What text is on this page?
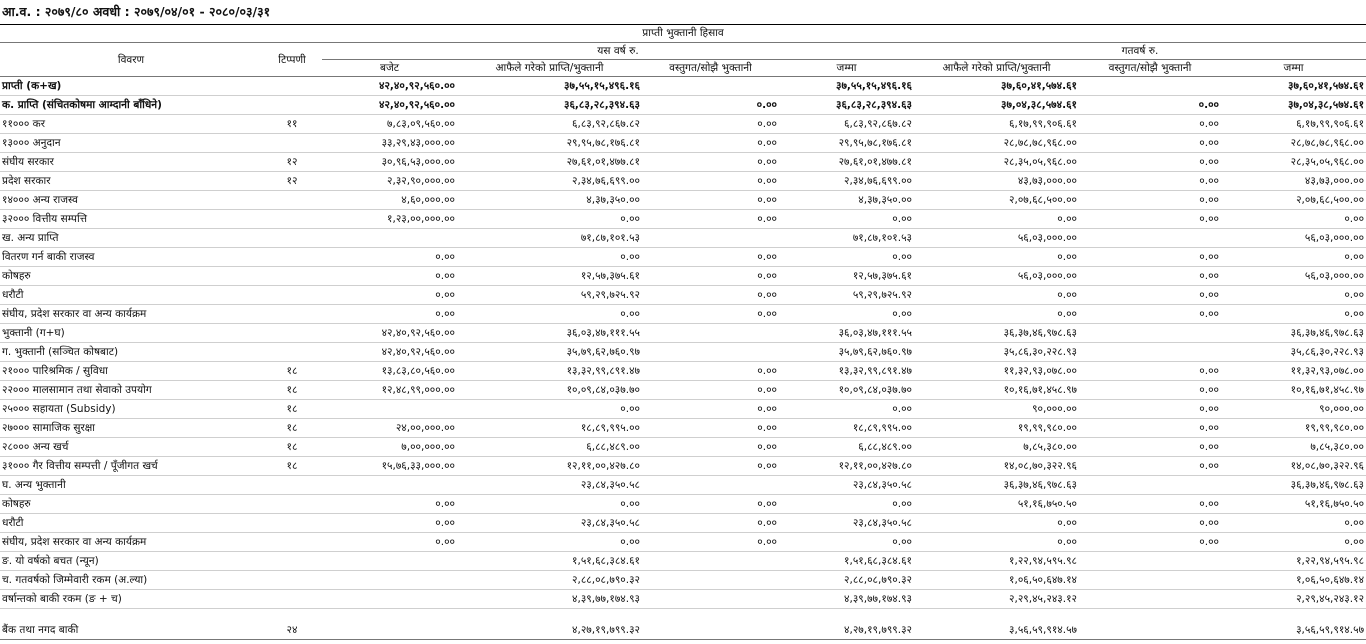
आ.व. : २०७९/८० अवधी : २०७९/०४/०१ - २०८०/०३/३१
प्राप्ती भुक्तानी हिसाव								
विवरण	टिप्पणी	यस वर्ष रु.				गतवर्ष रु.		
		बजेट	आफैले गरेको प्राप्ति/भुक्तानी	वस्तुगत/सोझै भुक्तानी	जम्मा	आफैले गरेको प्राप्ति/भुक्तानी	वस्तुगत/सोझै भुक्तानी	जम्मा
प्राप्ती (क+ख)		४२,४०,९२,५६०.००	३७,५५,१५,४९६.१६		३७,५५,१५,४९६.१६	३७,६०,४१,५७४.६१		३७,६०,४१,५७४.६१
क. प्राप्ति (संचितकोषमा आम्दानी बाँधिने)		४२,४०,९२,५६०.००	३६,८३,२८,३९४.६३	०.००	३६,८३,२८,३९४.६३	३७,०४,३८,५७४.६१	०.००	३७,०४,३८,५७४.६१
११००० कर	११	७,८३,०९,५६०.००	६,८३,९२,८६७.८२	०.००	६,८३,९२,८६७.८२	६,१७,९९,९०६.६१	०.००	६,१७,९९,९०६.६१
१३००० अनुदान		३३,२९,४३,०००.००	२९,९५,७८,१७६.८१	०.००	२९,९५,७८,१७६.८१	२८,७८,७८,९६८.००	०.००	२८,७८,७८,९६८.००
संघीय सरकार	१२	३०,९६,५३,०००.००	२७,६१,०१,४७७.८१	०.००	२७,६१,०१,४७७.८१	२८,३५,०५,९६८.००	०.००	२८,३५,०५,९६८.००
प्रदेश सरकार	१२	२,३२,९०,०००.००	२,३४,७६,६९९.००	०.००	२,३४,७६,६९९.००	४३,७३,०००.००	०.००	४३,७३,०००.००
१४००० अन्य राजस्व		४,६०,०००.००	४,३७,३५०.००	०.००	४,३७,३५०.००	२,०७,६८,५००.००	०.००	२,०७,६८,५००.००
३२००० वित्तीय सम्पत्ति		१,२३,००,०००.००	०.००	०.००	०.००	०.००	०.००	०.००
ख. अन्य प्राप्ति			७१,८७,१०१.५३		७१,८७,१०१.५३	५६,०३,०००.००		५६,०३,०००.००
वितरण गर्न बाकी राजस्व		०.००	०.००	०.००	०.००	०.००	०.००	०.००
कोषहरु		०.००	१२,५७,३७५.६१	०.००	१२,५७,३७५.६१	५६,०३,०००.००	०.००	५६,०३,०००.००
धरौटी		०.००	५९,२९,७२५.९२	०.००	५९,२९,७२५.९२	०.००	०.००	०.००
संघीय, प्रदेश सरकार वा अन्य कार्यक्रम		०.००	०.००	०.००	०.००	०.००	०.००	०.००
भुक्तानी (ग+घ)		४२,४०,९२,५६०.००	३६,०३,४७,१११.५५		३६,०३,४७,१११.५५	३६,३७,४६,९७८.६३		३६,३७,४६,९७८.६३
ग. भुक्तानी (सञ्चित कोषबाट)		४२,४०,९२,५६०.००	३५,७९,६२,७६०.९७		३५,७९,६२,७६०.९७	३५,८६,३०,२२८.९३		३५,८६,३०,२२८.९३
२१००० पारिश्रमिक / सुविधा	१८	१३,८३,८०,५६०.००	१३,३२,९९,८९१.४७	०.००	१३,३२,९९,८९१.४७	११,३२,९३,०७८.००	०.००	११,३२,९३,०७८.००
२२००० मालसामान तथा सेवाको उपयोग	१८	१२,४८,९९,०००.००	१०,०९,८४,०३७.७०	०.००	१०,०९,८४,०३७.७०	१०,१६,७१,४५८.९७	०.००	१०,१६,७१,४५८.९७
२५००० सहायता (Subsidy)	१८		०.००	०.००	०.००	९०,०००.००	०.००	९०,०००.००
२७००० सामाजिक सुरक्षा	१८	२४,००,०००.००	१८,८९,९९५.००	०.००	१८,८९,९९५.००	१९,९९,९८०.००	०.००	१९,९९,९८०.००
२८००० अन्य खर्च	१८	७,००,०००.००	६,८८,४८९.००	०.००	६,८८,४८९.००	७,८५,३८०.००	०.००	७,८५,३८०.००
३१००० गैर वित्तीय सम्पत्ती / पूँजीगत खर्च	१८	१५,७६,३३,०००.००	१२,११,००,४२७.८०	०.००	१२,११,००,४२७.८०	१४,०८,७०,३२२.९६	०.००	१४,०८,७०,३२२.९६
घ. अन्य भुक्तानी			२३,८४,३५०.५८		२३,८४,३५०.५८	३६,३७,४६,९७८.६३		३६,३७,४६,९७८.६३
कोषहरु		०.००	०.००	०.००	०.००	५१,१६,७५०.५०	०.००	५१,१६,७५०.५०
धरौटी		०.००	२३,८४,३५०.५८	०.००	२३,८४,३५०.५८	०.००	०.००	०.००
संघीय, प्रदेश सरकार वा अन्य कार्यक्रम		०.००	०.००	०.००	०.००	०.००	०.००	०.००
ङ. यो वर्षको बचत (न्यून)			१,५१,६८,३८४.६१		१,५१,६८,३८४.६१	१,२२,९४,५९५.९८		१,२२,९४,५९५.९८
च. गतवर्षको जिम्मेवारी रकम (अ.ल्या)			२,८८,०८,७९०.३२		२,८८,०८,७९०.३२	१,०६,५०,६४७.१४		१,०६,५०,६४७.१४
वर्षान्तको बाकी रकम (ङ + च)			४,३९,७७,१७४.९३		४,३९,७७,१७४.९३	२,२९,४५,२४३.१२		२,२९,४५,२४३.१२

बैंक तथा नगद बाकी	२४		४,२७,१९,७९९.३२		४,२७,१९,७९९.३२	३,५६,५९,९१४.५७		३,५६,५९,९१४.५७
